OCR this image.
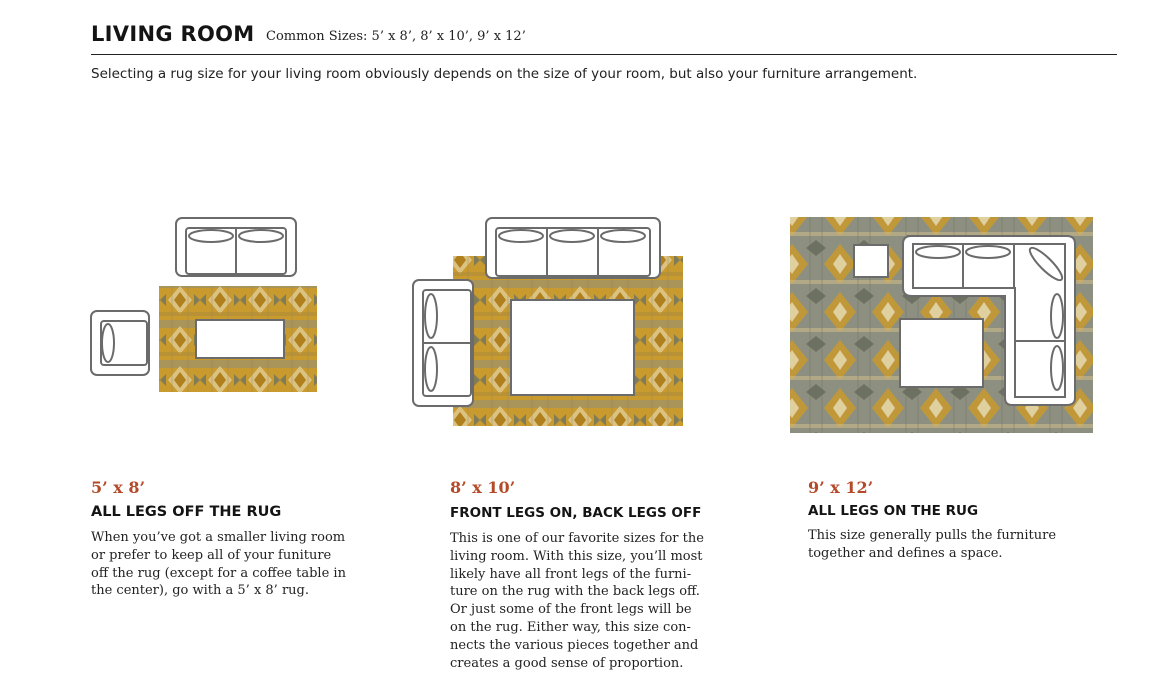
LIVING ROOM Common Sizes: 5’ x 8’, 8’ x 10’, 9’ x 12’
Selecting a rug size for your living room obviously depends on the size of your room, but also your furniture arrangement.

5’ x 8’

ALL LEGS OFF THE RUG

When you’ve got a smaller living room
or prefer to keep all of your funiture
off the rug (except for a coffee table in
the center), go with a 5’ x 8’ rug.

8’ x 10’

FRONT LEGS ON, BACK LEGS OFF

This is one of our favorite sizes for the
living room. With this size, you’ll most
likely have all front legs of the furni-
ture on the rug with the back legs off.
Or just some of the front legs will be
on the rug. Either way, this size con-
nects the various pieces together and
creates a good sense of proportion.

9’ x 12’

ALL LEGS ON THE RUG

This size generally pulls the furniture
together and defines a space.
